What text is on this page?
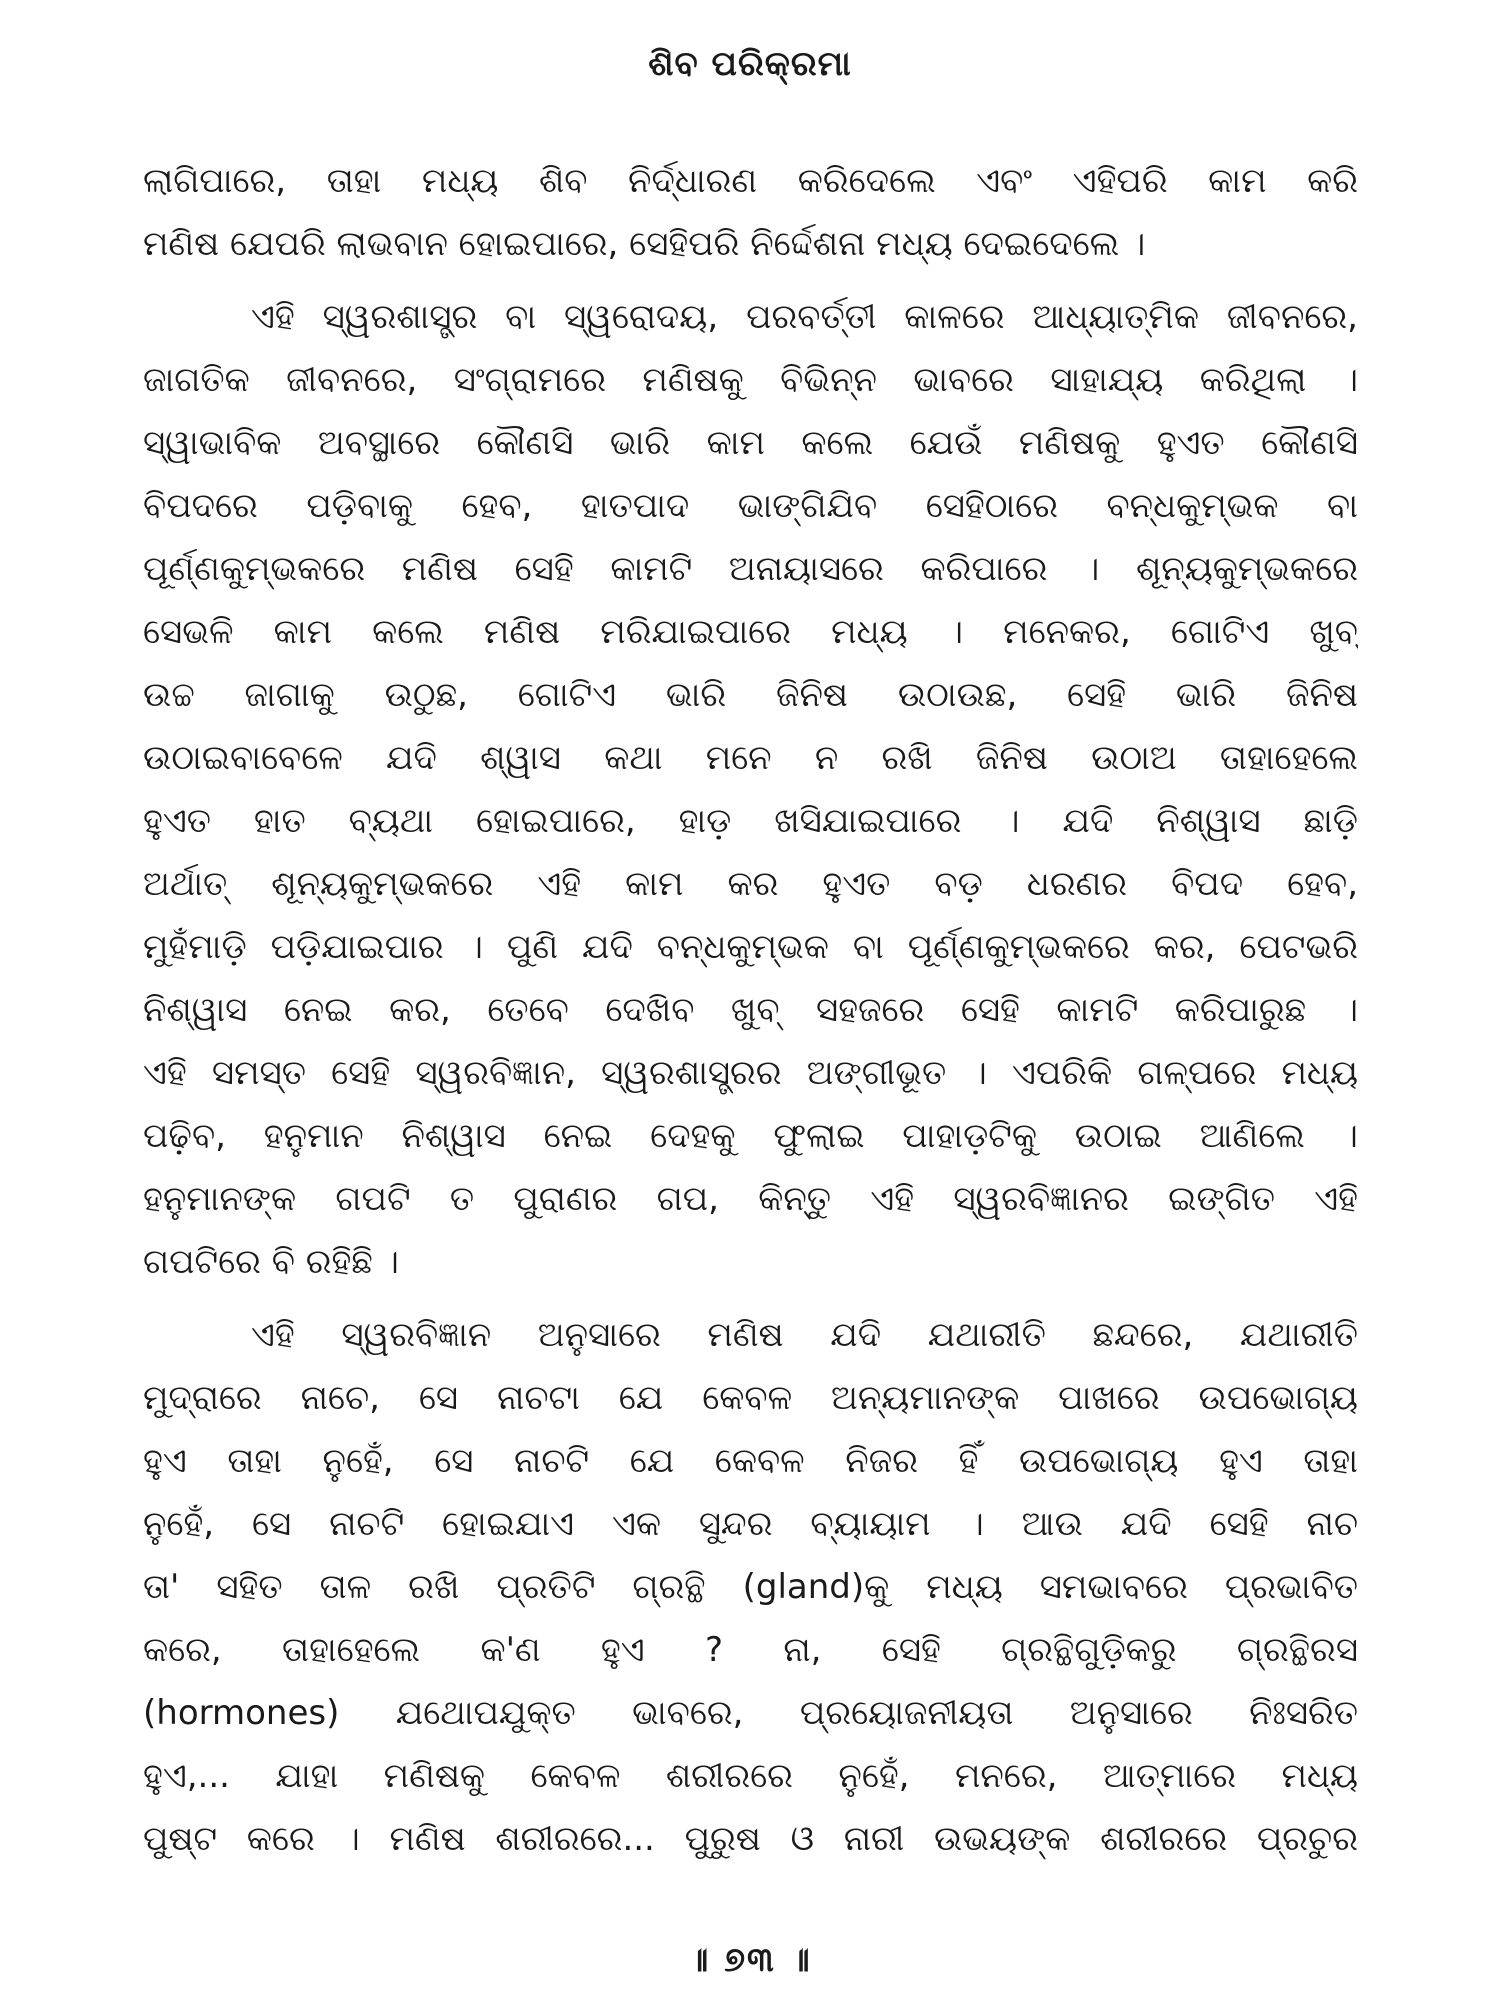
ଶିବ ପରିକ୍ରମା
ଲାଗିପାରେ, ତାହା ମଧ୍ୟ ଶିବ ନିର୍ଦ୍ଧାରଣ କରିଦେଲେ ଏବଂ ଏହିପରି କାମ କରି
ମଣିଷ ଯେପରି ଲାଭବାନ ହୋଇପାରେ, ସେହିପରି ନିର୍ଦ୍ଦେଶନା ମଧ୍ୟ ଦେଇଦେଲେ ।
ଏହି ସ୍ୱରଶାସ୍ତ୍ର ବା ସ୍ୱରୋଦୟ, ପରବର୍ତ୍ତୀ କାଳରେ ଆଧ୍ୟାତ୍ମିକ ଜୀବନରେ,
ଜାଗତିକ ଜୀବନରେ, ସଂଗ୍ରାମରେ ମଣିଷକୁ ବିଭିନ୍ନ ଭାବରେ ସାହାଯ୍ୟ କରିଥିଲା ।
ସ୍ୱାଭାବିକ ଅବସ୍ଥାରେ କୌଣସି ଭାରି କାମ କଲେ ଯେଉଁ ମଣିଷକୁ ହୁଏତ କୌଣସି
ବିପଦରେ ପଡ଼ିବାକୁ ହେବ, ହାତପାଦ ଭାଙ୍ଗିଯିବ ସେହିଠାରେ ବନ୍ଧକୁମ୍ଭକ ବା
ପୂର୍ଣ୍ଣକୁମ୍ଭକରେ ମଣିଷ ସେହି କାମଟି ଅନାୟାସରେ କରିପାରେ । ଶୂନ୍ୟକୁମ୍ଭକରେ
ସେଭଳି କାମ କଲେ ମଣିଷ ମରିଯାଇପାରେ ମଧ୍ୟ । ମନେକର, ଗୋଟିଏ ଖୁବ୍
ଉଚ୍ଚ ଜାଗାକୁ ଉଠୁଛ, ଗୋଟିଏ ଭାରି ଜିନିଷ ଉଠାଉଛ, ସେହି ଭାରି ଜିନିଷ
ଉଠାଇବାବେଳେ ଯଦି ଶ୍ୱାସ କଥା ମନେ ନ ରଖି ଜିନିଷ ଉଠାଅ ତାହାହେଲେ
ହୁଏତ ହାତ ବ୍ୟଥା ହୋଇପାରେ, ହାଡ଼ ଖସିଯାଇପାରେ । ଯଦି ନିଶ୍ୱାସ ଛାଡ଼ି
ଅର୍ଥାତ୍ ଶୂନ୍ୟକୁମ୍ଭକରେ ଏହି କାମ କର ହୁଏତ ବଡ଼ ଧରଣର ବିପଦ ହେବ,
ମୁହଁମାଡ଼ି ପଡ଼ିଯାଇପାର । ପୁଣି ଯଦି ବନ୍ଧକୁମ୍ଭକ ବା ପୂର୍ଣ୍ଣକୁମ୍ଭକରେ କର, ପେଟଭରି
ନିଶ୍ୱାସ ନେଇ କର, ତେବେ ଦେଖିବ ଖୁବ୍ ସହଜରେ ସେହି କାମଟି କରିପାରୁଛ ।
ଏହି ସମସ୍ତ ସେହି ସ୍ୱରବିଜ୍ଞାନ, ସ୍ୱରଶାସ୍ତ୍ରର ଅଙ୍ଗୀଭୂତ । ଏପରିକି ଗଳ୍ପରେ ମଧ୍ୟ
ପଢ଼ିବ, ହନୁମାନ ନିଶ୍ୱାସ ନେଇ ଦେହକୁ ଫୁଲାଇ ପାହାଡ଼ଟିକୁ ଉଠାଇ ଆଣିଲେ ।
ହନୁମାନଙ୍କ ଗପଟି ତ ପୁରାଣର ଗପ, କିନ୍ତୁ ଏହି ସ୍ୱରବିଜ୍ଞାନର ଇଙ୍ଗିତ ଏହି
ଗପଟିରେ ବି ରହିଛି ।
ଏହି ସ୍ୱରବିଜ୍ଞାନ ଅନୁସାରେ ମଣିଷ ଯଦି ଯଥାରୀତି ଛନ୍ଦରେ, ଯଥାରୀତି
ମୁଦ୍ରାରେ ନାଚେ, ସେ ନାଚଟା ଯେ କେବଳ ଅନ୍ୟମାନଙ୍କ ପାଖରେ ଉପଭୋଗ୍ୟ
ହୁଏ ତାହା ନୁହେଁ, ସେ ନାଚଟି ଯେ କେବଳ ନିଜର ହିଁ ଉପଭୋଗ୍ୟ ହୁଏ ତାହା
ନୁହେଁ, ସେ ନାଚଟି ହୋଇଯାଏ ଏକ ସୁନ୍ଦର ବ୍ୟାୟାମ । ଆଉ ଯଦି ସେହି ନାଚ
ତା' ସହିତ ତାଳ ରଖି ପ୍ରତିଟି ଗ୍ରନ୍ଥି (gland)କୁ ମଧ୍ୟ ସମଭାବରେ ପ୍ରଭାବିତ
କରେ, ତାହାହେଲେ କ'ଣ ହୁଏ ? ନା, ସେହି ଗ୍ରନ୍ଥିଗୁଡ଼ିକରୁ ଗ୍ରନ୍ଥିରସ
(hormones) ଯଥୋପଯୁକ୍ତ ଭାବରେ, ପ୍ରୟୋଜନୀୟତା ଅନୁସାରେ ନିଃସରିତ
ହୁଏ,... ଯାହା ମଣିଷକୁ କେବଳ ଶରୀରରେ ନୁହେଁ, ମନରେ, ଆତ୍ମାରେ ମଧ୍ୟ
ପୁଷ୍ଟ କରେ । ମଣିଷ ଶରୀରରେ... ପୁରୁଷ ଓ ନାରୀ ଉଭୟଙ୍କ ଶରୀରରେ ପ୍ରଚୁର
॥ ୭୩ ॥
